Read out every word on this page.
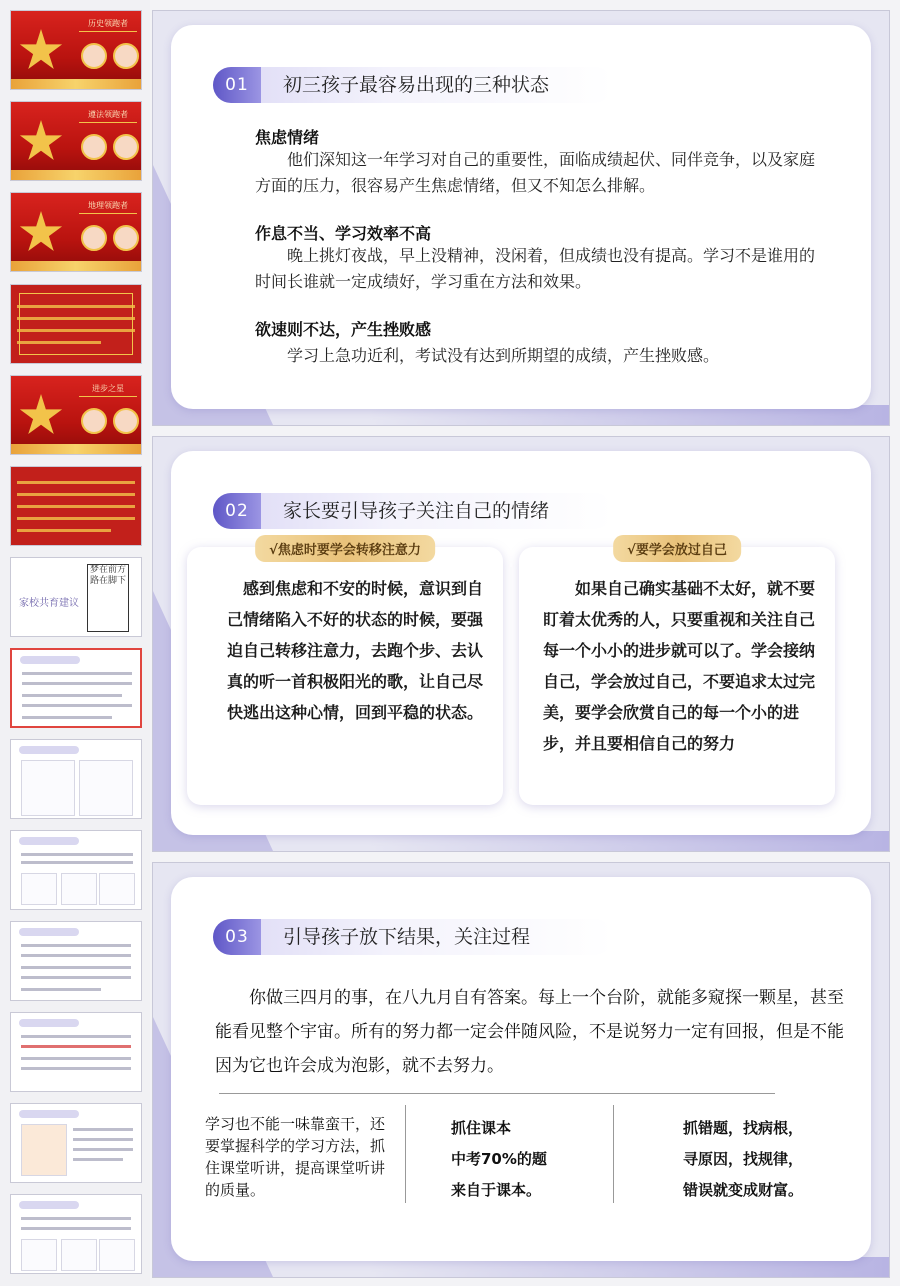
历史领跑者
遵法领跑者
地理领跑者
进步之星
家校共育建议
梦在前方 路在脚下
01	初三孩子最容易出现的三种状态
焦虑情绪
他们深知这一年学习对自己的重要性，面临成绩起伏、同伴竞争，以及家庭方面的压力，很容易产生焦虑情绪，但又不知怎么排解。
作息不当、学习效率不高
晚上挑灯夜战，早上没精神，没闲着，但成绩也没有提高。学习不是谁用的时间长谁就一定成绩好，学习重在方法和效果。
欲速则不达，产生挫败感
学习上急功近利，考试没有达到所期望的成绩，产生挫败感。
02	家长要引导孩子关注自己的情绪
√焦虑时要学会转移注意力
感到焦虑和不安的时候，意识到自己情绪陷入不好的状态的时候，要强迫自己转移注意力，去跑个步、去认真的听一首积极阳光的歌，让自己尽快逃出这种心情，回到平稳的状态。
√要学会放过自己
如果自己确实基础不太好，就不要盯着太优秀的人，只要重视和关注自己每一个小小的进步就可以了。学会接纳自己，学会放过自己，不要追求太过完美，要学会欣赏自己的每一个小的进步，并且要相信自己的努力
03	引导孩子放下结果，关注过程
你做三四月的事，在八九月自有答案。每上一个台阶，就能多窥探一颗星，甚至能看见整个宇宙。所有的努力都一定会伴随风险，不是说努力一定有回报，但是不能因为它也许会成为泡影，就不去努力。
学习也不能一味靠蛮干，还要掌握科学的学习方法，抓住课堂听讲，提高课堂听讲的质量。
抓住课本
中考70%的题
来自于课本。
抓错题，找病根，
寻原因，找规律，
错误就变成财富。
